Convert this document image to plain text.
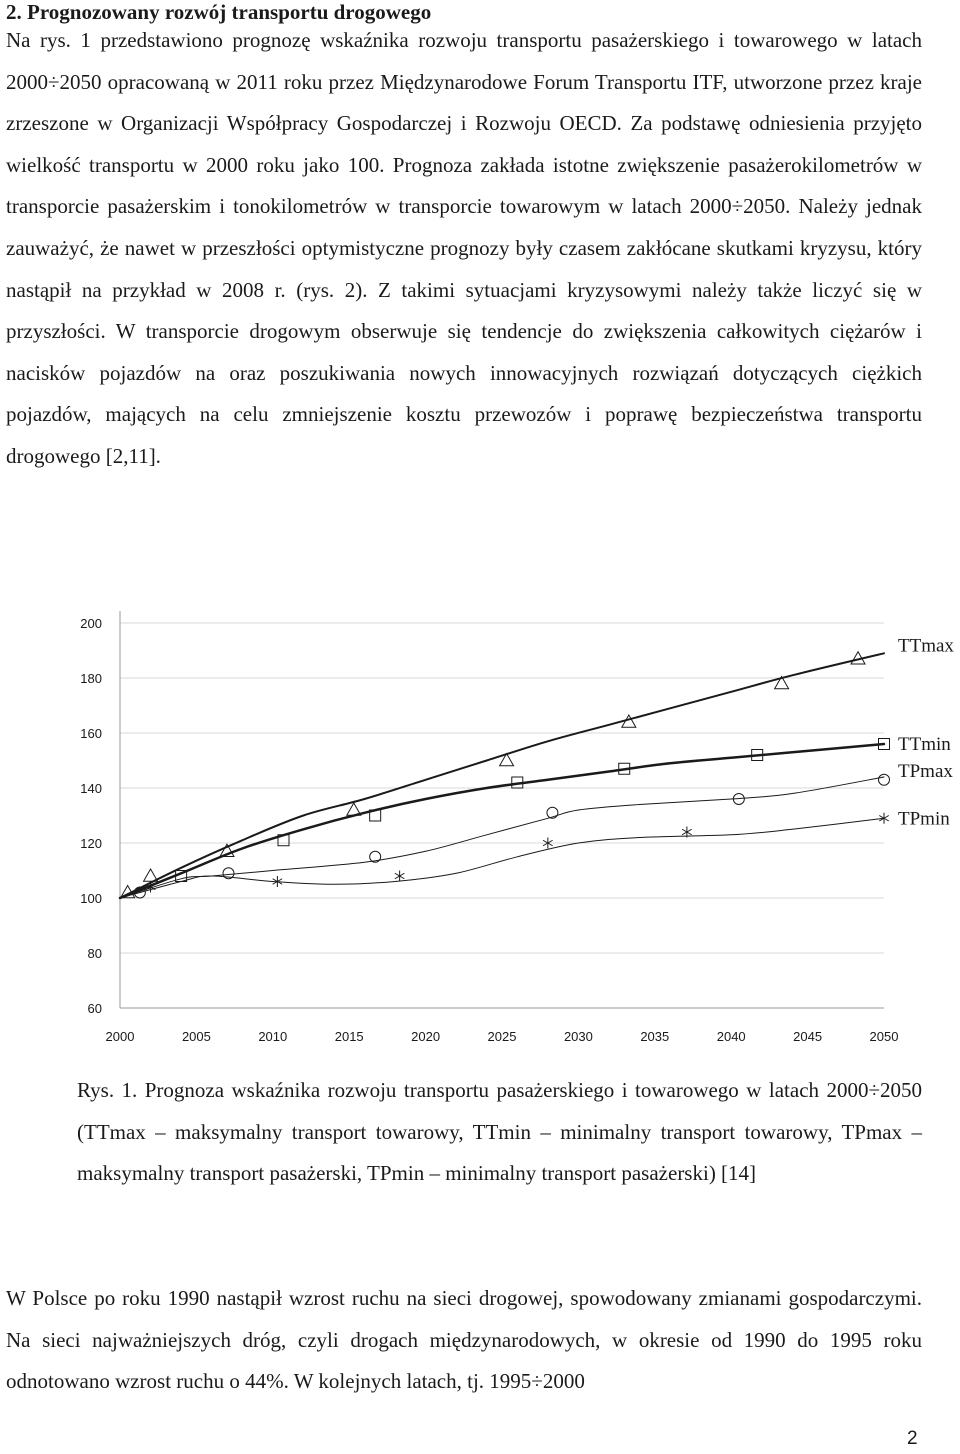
2. Prognozowany rozwój transportu drogowego

Na rys. 1 przedstawiono prognozę wskaźnika rozwoju transportu pasażerskiego i towarowego w latach 2000÷2050 opracowaną w 2011 roku przez Międzynarodowe Forum Transportu ITF, utworzone przez kraje zrzeszone w Organizacji Współpracy Gospodarczej i Rozwoju OECD. Za podstawę odniesienia przyjęto wielkość transportu w 2000 roku jako 100. Prognoza zakłada istotne zwiększenie pasażerokilometrów w transporcie pasażerskim i tonokilometrów w transporcie towarowym w latach 2000÷2050. Należy jednak zauważyć, że nawet w przeszłości optymistyczne prognozy były czasem zakłócane skutkami kryzysu, który nastąpił na przykład w 2008 r. (rys. 2). Z takimi sytuacjami kryzysowymi należy także liczyć się w przyszłości. W transporcie drogowym obserwuje się tendencje do zwiększenia całkowitych ciężarów i nacisków pojazdów na oraz poszukiwania nowych innowacyjnych rozwiązań dotyczących ciężkich pojazdów, mających na celu zmniejszenie kosztu przewozów i poprawę bezpieczeństwa transportu drogowego [2,11].

60
80
100
120
140
160
180
200
2000	2005	2010	2015	2020	2025	2030	2035	2040	2045	2050
TTmax
TTmin
TPmax
TPmin

Rys. 1. Prognoza wskaźnika rozwoju transportu pasażerskiego i towarowego w latach 2000÷2050 (TTmax – maksymalny transport towarowy, TTmin – minimalny transport towarowy, TPmax – maksymalny transport pasażerski, TPmin – minimalny transport pasażerski) [14]

W Polsce po roku 1990 nastąpił wzrost ruchu na sieci drogowej, spowodowany zmianami gospodarczymi. Na sieci najważniejszych dróg, czyli drogach międzynarodowych, w okresie od 1990 do 1995 roku odnotowano wzrost ruchu o 44%. W kolejnych latach, tj. 1995÷2000

2
